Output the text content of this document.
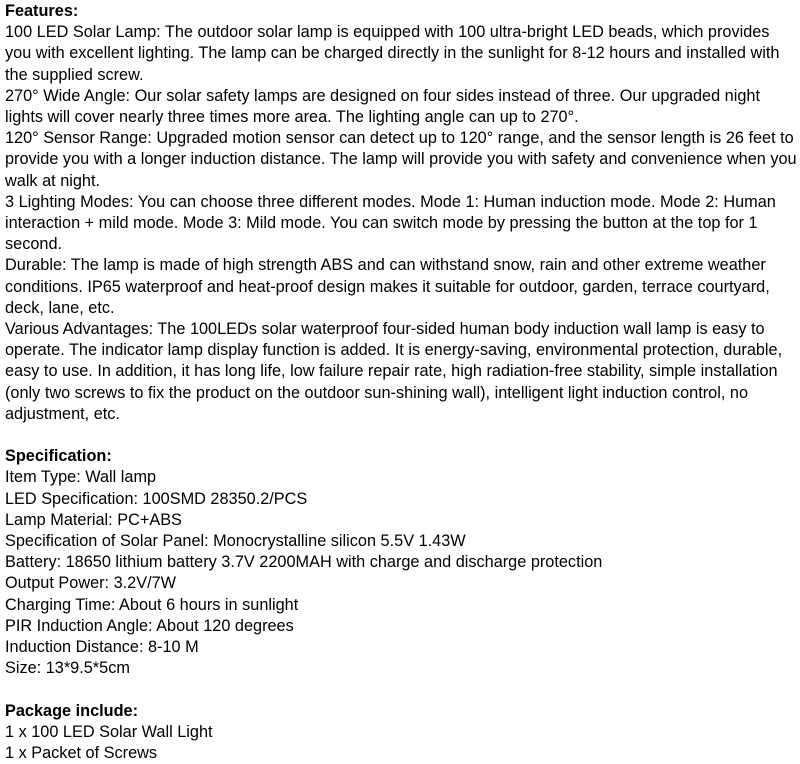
Features:
100 LED Solar Lamp: The outdoor solar lamp is equipped with 100 ultra-bright LED beads, which provides you with excellent lighting. The lamp can be charged directly in the sunlight for 8-12 hours and installed with the supplied screw.
270° Wide Angle: Our solar safety lamps are designed on four sides instead of three. Our upgraded night lights will cover nearly three times more area. The lighting angle can up to 270°.
120° Sensor Range: Upgraded motion sensor can detect up to 120° range, and the sensor length is 26 feet to provide you with a longer induction distance. The lamp will provide you with safety and convenience when you walk at night.
3 Lighting Modes: You can choose three different modes. Mode 1: Human induction mode. Mode 2: Human interaction + mild mode. Mode 3: Mild mode. You can switch mode by pressing the button at the top for 1 second.
Durable: The lamp is made of high strength ABS and can withstand snow, rain and other extreme weather conditions. IP65 waterproof and heat-proof design makes it suitable for outdoor, garden, terrace courtyard, deck, lane, etc.
Various Advantages: The 100LEDs solar waterproof four-sided human body induction wall lamp is easy to operate. The indicator lamp display function is added. It is energy-saving, environmental protection, durable, easy to use. In addition, it has long life, low failure repair rate, high radiation-free stability, simple installation (only two screws to fix the product on the outdoor sun-shining wall), intelligent light induction control, no adjustment, etc.
Specification:
Item Type: Wall lamp
LED Specification: 100SMD 28350.2/PCS
Lamp Material: PC+ABS
Specification of Solar Panel: Monocrystalline silicon 5.5V 1.43W
Battery: 18650 lithium battery 3.7V 2200MAH with charge and discharge protection
Output Power: 3.2V/7W
Charging Time: About 6 hours in sunlight
PIR Induction Angle: About 120 degrees
Induction Distance: 8-10 M
Size: 13*9.5*5cm
Package include:
1 x 100 LED Solar Wall Light
1 x Packet of Screws
